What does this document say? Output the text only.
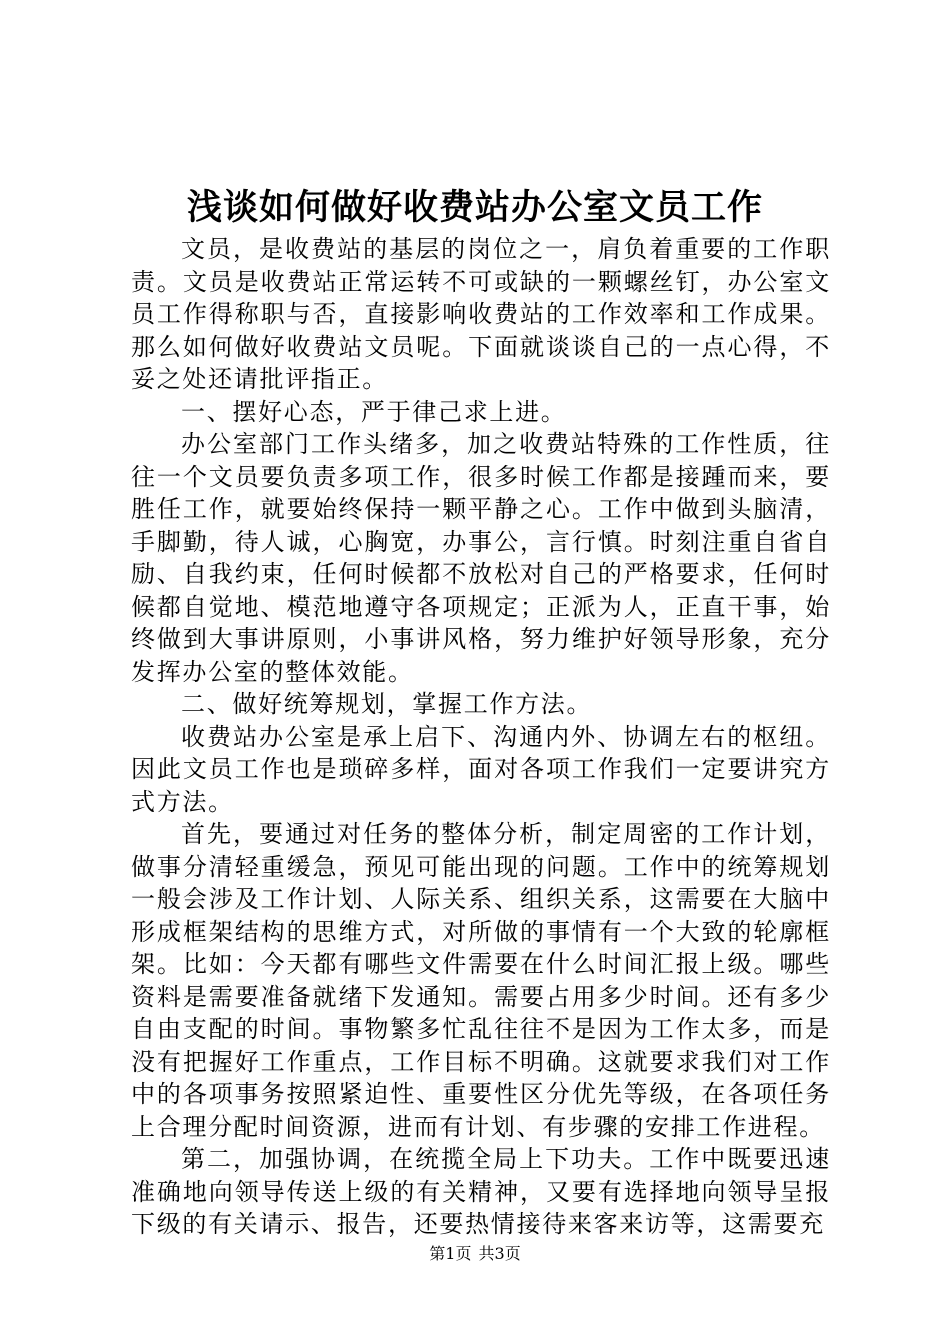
浅谈如何做好收费站办公室文员工作

文员，是收费站的基层的岗位之一，肩负着重要的工作职责。文员是收费站正常运转不可或缺的一颗螺丝钉，办公室文员工作得称职与否，直接影响收费站的工作效率和工作成果。那么如何做好收费站文员呢。下面就谈谈自己的一点心得，不妥之处还请批评指正。

一、摆好心态，严于律己求上进。

办公室部门工作头绪多，加之收费站特殊的工作性质，往往一个文员要负责多项工作，很多时候工作都是接踵而来，要胜任工作，就要始终保持一颗平静之心。工作中做到头脑清，手脚勤，待人诚，心胸宽，办事公，言行慎。时刻注重自省自励、自我约束，任何时候都不放松对自己的严格要求，任何时候都自觉地、模范地遵守各项规定；正派为人，正直干事，始终做到大事讲原则，小事讲风格，努力维护好领导形象，充分发挥办公室的整体效能。

二、做好统筹规划，掌握工作方法。

收费站办公室是承上启下、沟通内外、协调左右的枢纽。因此文员工作也是琐碎多样，面对各项工作我们一定要讲究方式方法。

首先，要通过对任务的整体分析，制定周密的工作计划，做事分清轻重缓急，预见可能出现的问题。工作中的统筹规划一般会涉及工作计划、人际关系、组织关系，这需要在大脑中形成框架结构的思维方式，对所做的事情有一个大致的轮廓框架。比如：今天都有哪些文件需要在什么时间汇报上级。哪些资料是需要准备就绪下发通知。需要占用多少时间。还有多少自由支配的时间。事物繁多忙乱往往不是因为工作太多，而是没有把握好工作重点，工作目标不明确。这就要求我们对工作中的各项事务按照紧迫性、重要性区分优先等级，在各项任务上合理分配时间资源，进而有计划、有步骤的安排工作进程。

第二，加强协调，在统揽全局上下功夫。工作中既要迅速准确地向领导传送上级的有关精神，又要有选择地向领导呈报下级的有关请示、报告，还要热情接待来客来访等，这需要充

第1页 共3页
